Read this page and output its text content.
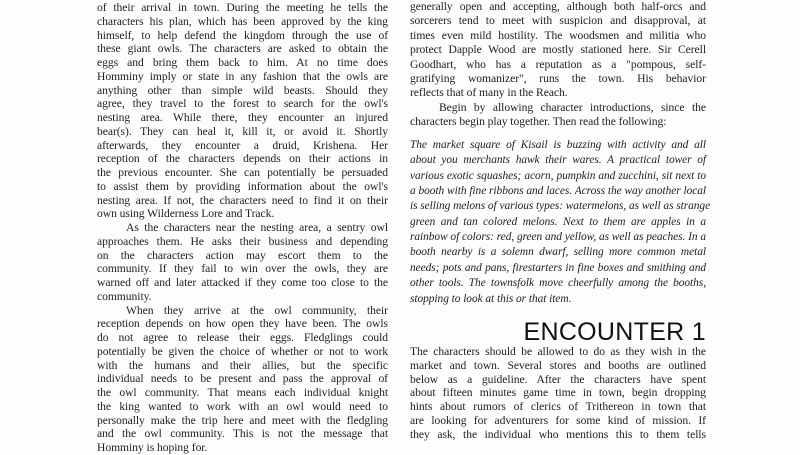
of their arrival in town. During the meeting he tells the
characters his plan, which has been approved by the king
himself, to help defend the kingdom through the use of
these giant owls. The characters are asked to obtain the
eggs and bring them back to him. At no time does
Homminy imply or state in any fashion that the owls are
anything other than simple wild beasts. Should they
agree, they travel to the forest to search for the owl's
nesting area. While there, they encounter an injured
bear(s). They can heal it, kill it, or avoid it. Shortly
afterwards, they encounter a druid, Krishena. Her
reception of the characters depends on their actions in
the previous encounter. She can potentially be persuaded
to assist them by providing information about the owl's
nesting area. If not, the characters need to find it on their
own using Wilderness Lore and Track.
As the characters near the nesting area, a sentry owl
approaches them. He asks their business and depending
on the characters action may escort them to the
community. If they fail to win over the owls, they are
warned off and later attacked if they come too close to the
community.
When they arrive at the owl community, their
reception depends on how open they have been. The owls
do not agree to release their eggs. Fledglings could
potentially be given the choice of whether or not to work
with the humans and their allies, but the specific
individual needs to be present and pass the approval of
the owl community. That means each individual knight
the king wanted to work with an owl would need to
personally make the trip here and meet with the fledgling
and the owl community. This is not the message that
Homminy is hoping for.
generally open and accepting, although both half-orcs and
sorcerers tend to meet with suspicion and disapproval, at
times even mild hostility. The woodsmen and militia who
protect Dapple Wood are mostly stationed here. Sir Cerell
Goodhart, who has a reputation as a "pompous, self-
gratifying womanizer", runs the town. His behavior
reflects that of many in the Reach.
Begin by allowing character introductions, since the
characters begin play together. Then read the following:
The market square of Kisail is buzzing with activity and all
about you merchants hawk their wares. A practical tower of
various exotic squashes; acorn, pumpkin and zucchini, sit next to
a booth with fine ribbons and laces. Across the way another local
is selling melons of various types: watermelons, as well as strange
green and tan colored melons. Next to them are apples in a
rainbow of colors: red, green and yellow, as well as peaches. In a
booth nearby is a solemn dwarf, selling more common metal
needs; pots and pans, firestarters in fine boxes and smithing and
other tools. The townsfolk move cheerfully among the booths,
stopping to look at this or that item.
The characters should be allowed to do as they wish in the
market and town. Several stores and booths are outlined
below as a guideline. After the characters have spent
about fifteen minutes game time in town, begin dropping
hints about rumors of clerics of Trithereon in town that
are looking for adventurers for some kind of mission. If
they ask, the individual who mentions this to them tells
ENCOUNTER 1
